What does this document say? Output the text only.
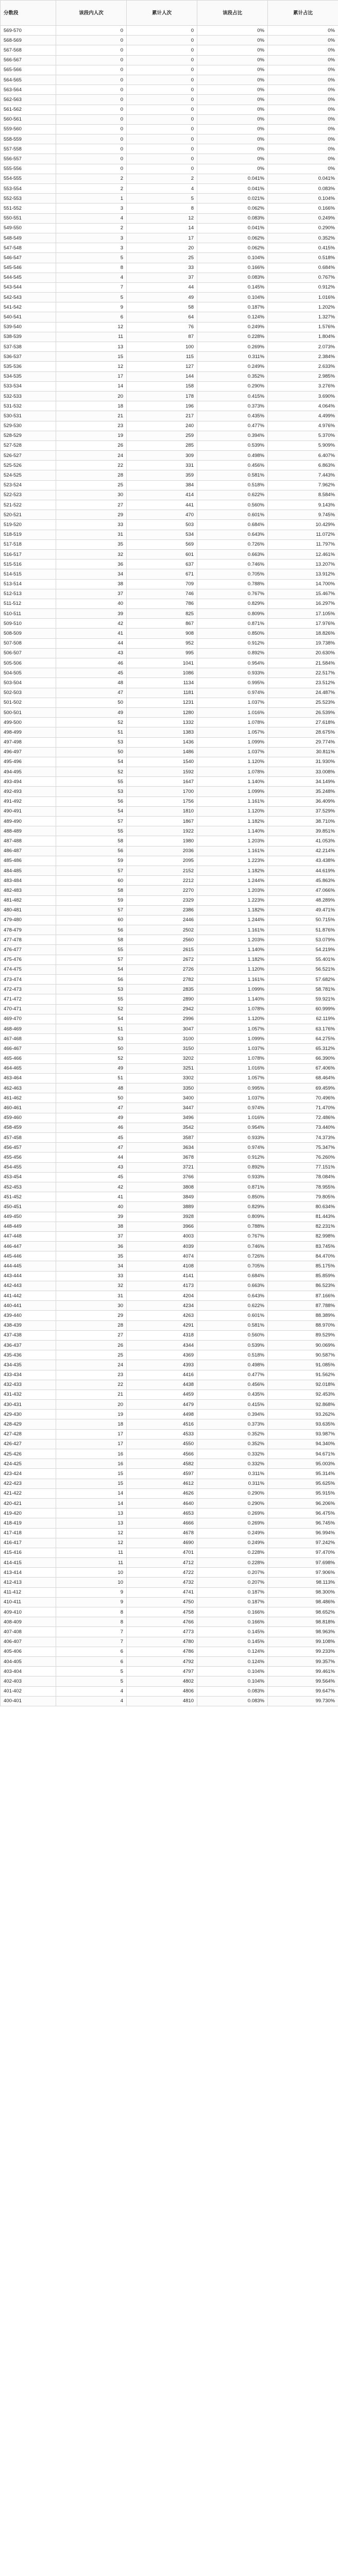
分数段	该段内人次	累计人次	该段占比	累计占比
569-570	0	0	0%	0%
568-569	0	0	0%	0%
567-568	0	0	0%	0%
566-567	0	0	0%	0%
565-566	0	0	0%	0%
564-565	0	0	0%	0%
563-564	0	0	0%	0%
562-563	0	0	0%	0%
561-562	0	0	0%	0%
560-561	0	0	0%	0%
559-560	0	0	0%	0%
558-559	0	0	0%	0%
557-558	0	0	0%	0%
556-557	0	0	0%	0%
555-556	0	0	0%	0%
554-555	2	2	0.041%	0.041%
553-554	2	4	0.041%	0.083%
552-553	1	5	0.021%	0.104%
551-552	3	8	0.062%	0.166%
550-551	4	12	0.083%	0.249%
549-550	2	14	0.041%	0.290%
548-549	3	17	0.062%	0.352%
547-548	3	20	0.062%	0.415%
546-547	5	25	0.104%	0.518%
545-546	8	33	0.166%	0.684%
544-545	4	37	0.083%	0.767%
543-544	7	44	0.145%	0.912%
542-543	5	49	0.104%	1.016%
541-542	9	58	0.187%	1.202%
540-541	6	64	0.124%	1.327%
539-540	12	76	0.249%	1.576%
538-539	11	87	0.228%	1.804%
537-538	13	100	0.269%	2.073%
536-537	15	115	0.311%	2.384%
535-536	12	127	0.249%	2.633%
534-535	17	144	0.352%	2.985%
533-534	14	158	0.290%	3.276%
532-533	20	178	0.415%	3.690%
531-532	18	196	0.373%	4.064%
530-531	21	217	0.435%	4.499%
529-530	23	240	0.477%	4.976%
528-529	19	259	0.394%	5.370%
527-528	26	285	0.539%	5.909%
526-527	24	309	0.498%	6.407%
525-526	22	331	0.456%	6.863%
524-525	28	359	0.581%	7.443%
523-524	25	384	0.518%	7.962%
522-523	30	414	0.622%	8.584%
521-522	27	441	0.560%	9.143%
520-521	29	470	0.601%	9.745%
519-520	33	503	0.684%	10.429%
518-519	31	534	0.643%	11.072%
517-518	35	569	0.726%	11.797%
516-517	32	601	0.663%	12.461%
515-516	36	637	0.746%	13.207%
514-515	34	671	0.705%	13.912%
513-514	38	709	0.788%	14.700%
512-513	37	746	0.767%	15.467%
511-512	40	786	0.829%	16.297%
510-511	39	825	0.809%	17.105%
509-510	42	867	0.871%	17.976%
508-509	41	908	0.850%	18.826%
507-508	44	952	0.912%	19.738%
506-507	43	995	0.892%	20.630%
505-506	46	1041	0.954%	21.584%
504-505	45	1086	0.933%	22.517%
503-504	48	1134	0.995%	23.512%
502-503	47	1181	0.974%	24.487%
501-502	50	1231	1.037%	25.523%
500-501	49	1280	1.016%	26.539%
499-500	52	1332	1.078%	27.618%
498-499	51	1383	1.057%	28.675%
497-498	53	1436	1.099%	29.774%
496-497	50	1486	1.037%	30.811%
495-496	54	1540	1.120%	31.930%
494-495	52	1592	1.078%	33.008%
493-494	55	1647	1.140%	34.149%
492-493	53	1700	1.099%	35.248%
491-492	56	1756	1.161%	36.409%
490-491	54	1810	1.120%	37.529%
489-490	57	1867	1.182%	38.710%
488-489	55	1922	1.140%	39.851%
487-488	58	1980	1.203%	41.053%
486-487	56	2036	1.161%	42.214%
485-486	59	2095	1.223%	43.438%
484-485	57	2152	1.182%	44.619%
483-484	60	2212	1.244%	45.863%
482-483	58	2270	1.203%	47.066%
481-482	59	2329	1.223%	48.289%
480-481	57	2386	1.182%	49.471%
479-480	60	2446	1.244%	50.715%
478-479	56	2502	1.161%	51.876%
477-478	58	2560	1.203%	53.079%
476-477	55	2615	1.140%	54.219%
475-476	57	2672	1.182%	55.401%
474-475	54	2726	1.120%	56.521%
473-474	56	2782	1.161%	57.682%
472-473	53	2835	1.099%	58.781%
471-472	55	2890	1.140%	59.921%
470-471	52	2942	1.078%	60.999%
469-470	54	2996	1.120%	62.119%
468-469	51	3047	1.057%	63.176%
467-468	53	3100	1.099%	64.275%
466-467	50	3150	1.037%	65.312%
465-466	52	3202	1.078%	66.390%
464-465	49	3251	1.016%	67.406%
463-464	51	3302	1.057%	68.464%
462-463	48	3350	0.995%	69.459%
461-462	50	3400	1.037%	70.496%
460-461	47	3447	0.974%	71.470%
459-460	49	3496	1.016%	72.486%
458-459	46	3542	0.954%	73.440%
457-458	45	3587	0.933%	74.373%
456-457	47	3634	0.974%	75.347%
455-456	44	3678	0.912%	76.260%
454-455	43	3721	0.892%	77.151%
453-454	45	3766	0.933%	78.084%
452-453	42	3808	0.871%	78.955%
451-452	41	3849	0.850%	79.805%
450-451	40	3889	0.829%	80.634%
449-450	39	3928	0.809%	81.443%
448-449	38	3966	0.788%	82.231%
447-448	37	4003	0.767%	82.998%
446-447	36	4039	0.746%	83.745%
445-446	35	4074	0.726%	84.470%
444-445	34	4108	0.705%	85.175%
443-444	33	4141	0.684%	85.859%
442-443	32	4173	0.663%	86.523%
441-442	31	4204	0.643%	87.166%
440-441	30	4234	0.622%	87.788%
439-440	29	4263	0.601%	88.389%
438-439	28	4291	0.581%	88.970%
437-438	27	4318	0.560%	89.529%
436-437	26	4344	0.539%	90.069%
435-436	25	4369	0.518%	90.587%
434-435	24	4393	0.498%	91.085%
433-434	23	4416	0.477%	91.562%
432-433	22	4438	0.456%	92.018%
431-432	21	4459	0.435%	92.453%
430-431	20	4479	0.415%	92.868%
429-430	19	4498	0.394%	93.262%
428-429	18	4516	0.373%	93.635%
427-428	17	4533	0.352%	93.987%
426-427	17	4550	0.352%	94.340%
425-426	16	4566	0.332%	94.671%
424-425	16	4582	0.332%	95.003%
423-424	15	4597	0.311%	95.314%
422-423	15	4612	0.311%	95.625%
421-422	14	4626	0.290%	95.915%
420-421	14	4640	0.290%	96.206%
419-420	13	4653	0.269%	96.475%
418-419	13	4666	0.269%	96.745%
417-418	12	4678	0.249%	96.994%
416-417	12	4690	0.249%	97.242%
415-416	11	4701	0.228%	97.470%
414-415	11	4712	0.228%	97.698%
413-414	10	4722	0.207%	97.906%
412-413	10	4732	0.207%	98.113%
411-412	9	4741	0.187%	98.300%
410-411	9	4750	0.187%	98.486%
409-410	8	4758	0.166%	98.652%
408-409	8	4766	0.166%	98.818%
407-408	7	4773	0.145%	98.963%
406-407	7	4780	0.145%	99.108%
405-406	6	4786	0.124%	99.233%
404-405	6	4792	0.124%	99.357%
403-404	5	4797	0.104%	99.461%
402-403	5	4802	0.104%	99.564%
401-402	4	4806	0.083%	99.647%
400-401	4	4810	0.083%	99.730%
